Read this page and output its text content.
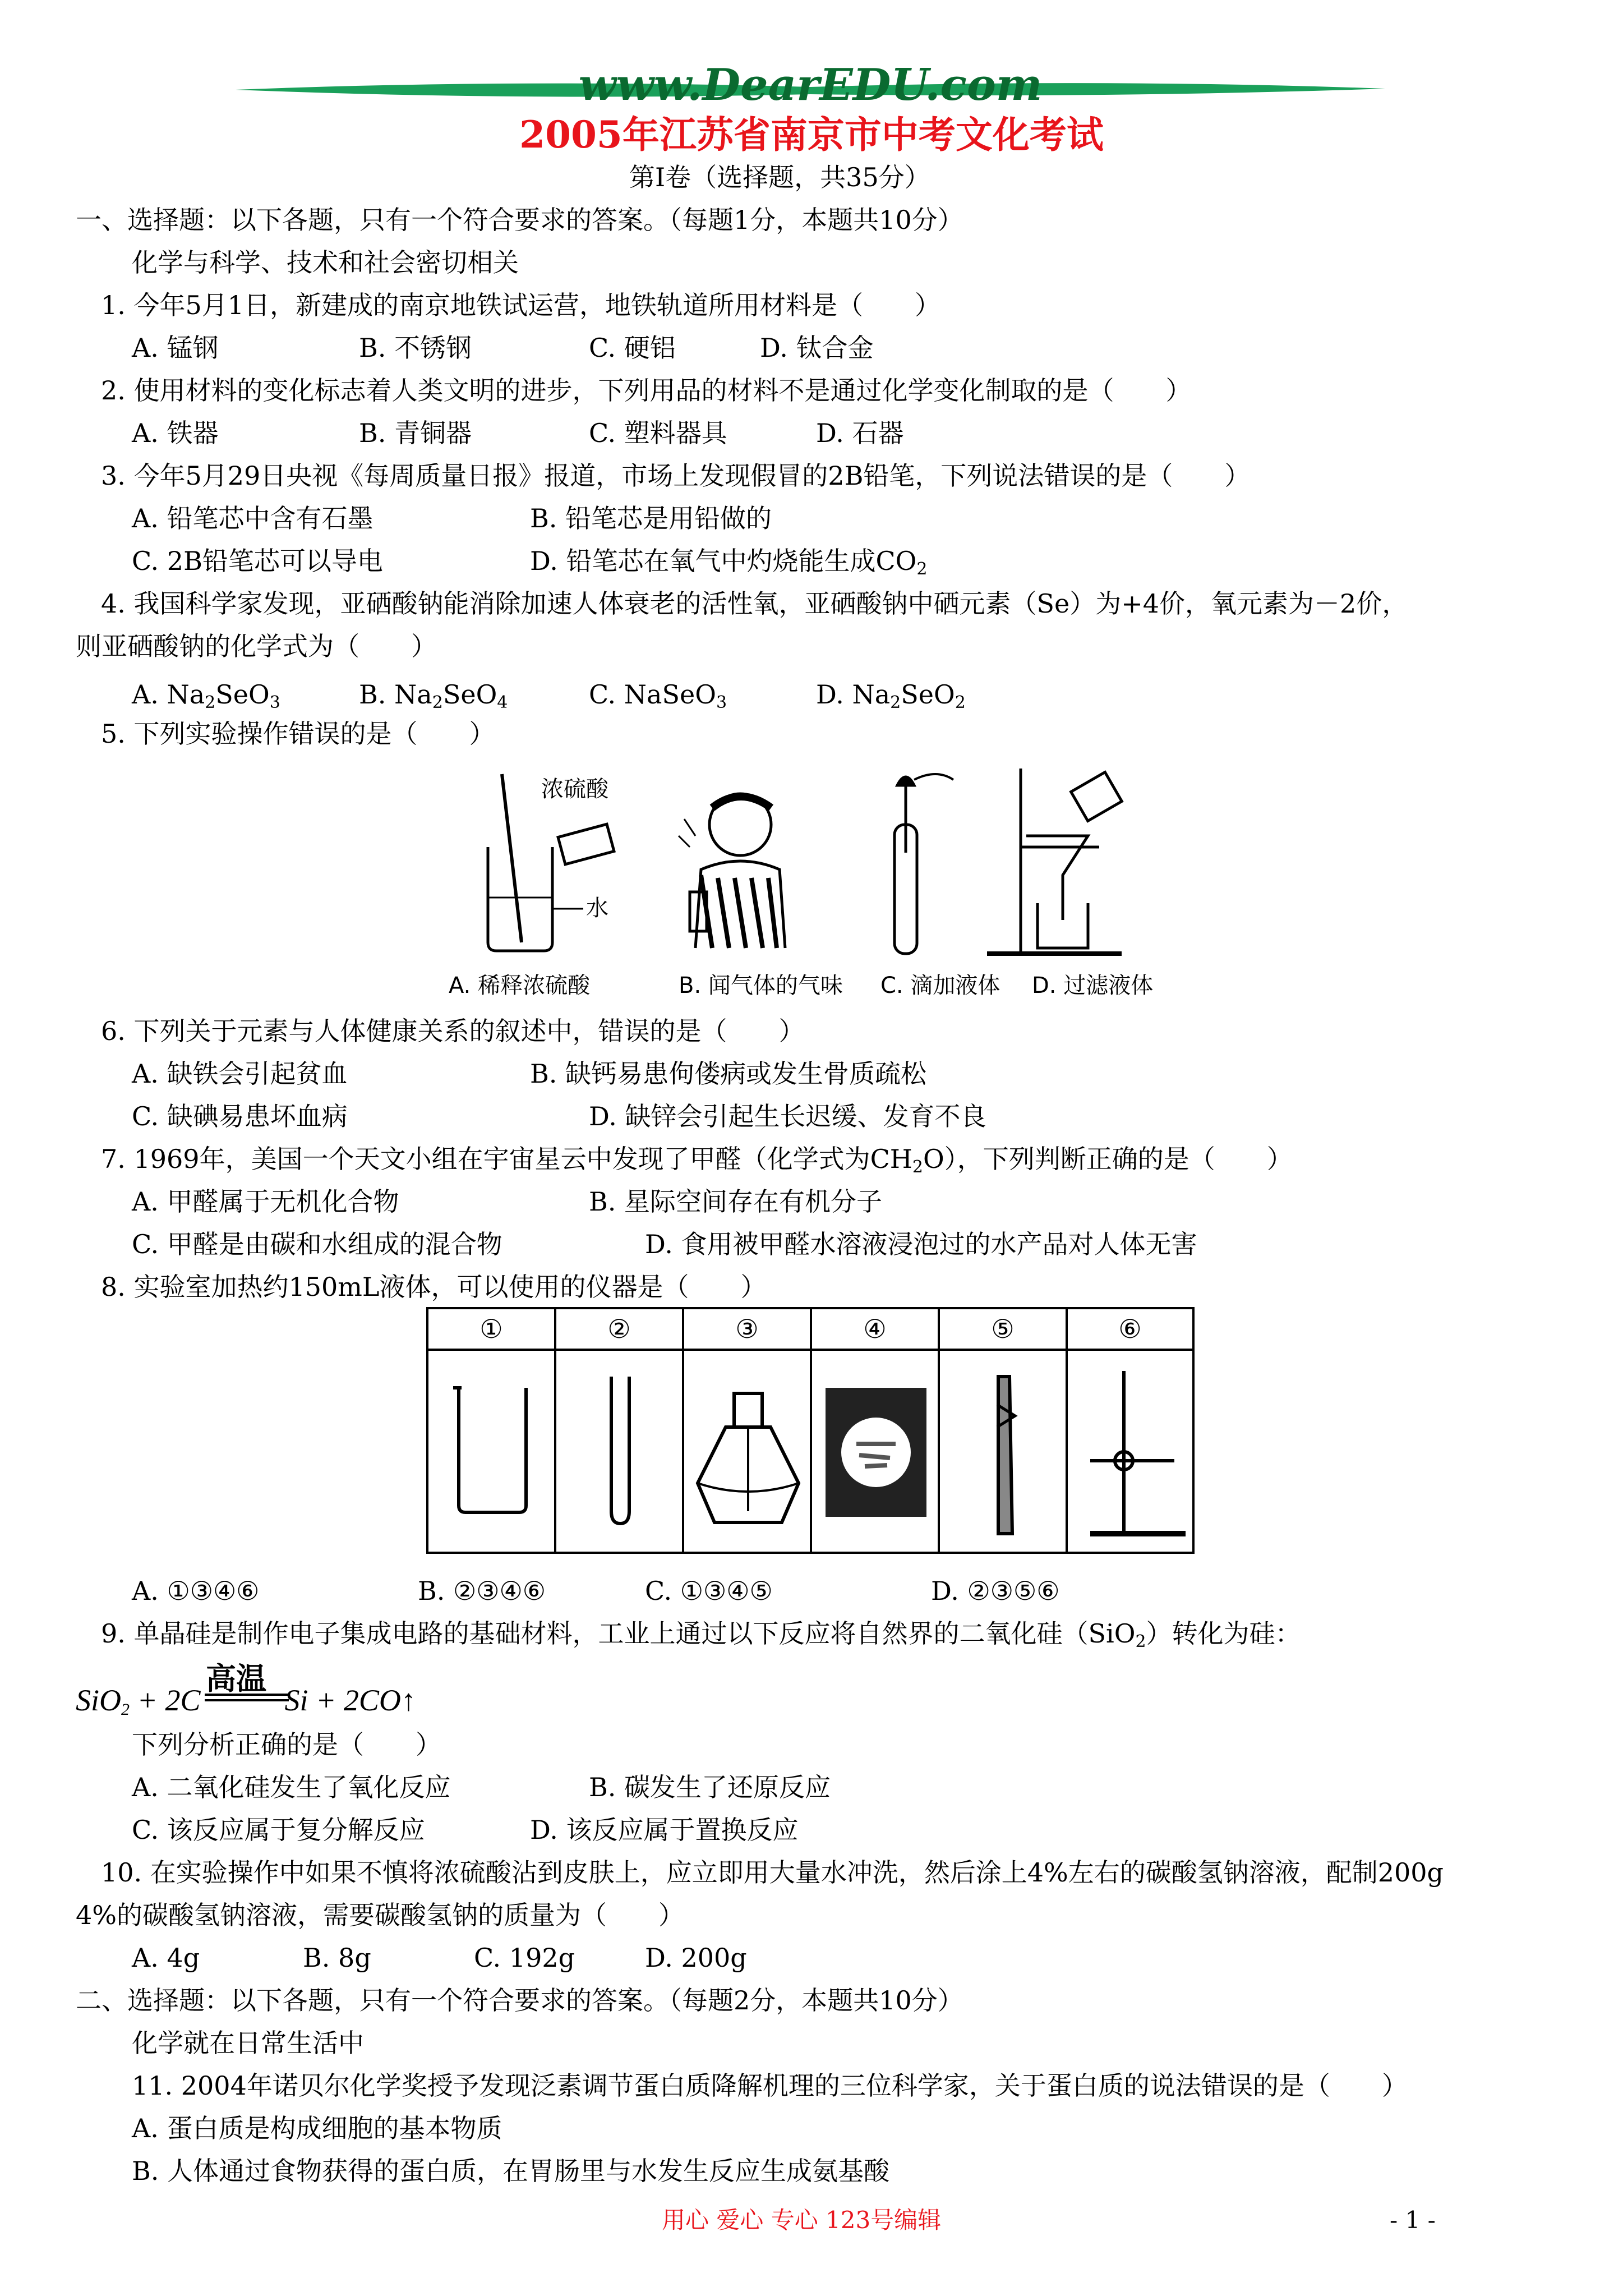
www.DearEDU.com
2005年江苏省南京市中考文化考试
第Ⅰ卷（选择题，共35分）
一、选择题：以下各题，只有一个符合要求的答案。（每题1分，本题共10分）
化学与科学、技术和社会密切相关
1. 今年5月1日，新建成的南京地铁试运营，地铁轨道所用材料是（　　）
A. 锰钢	B. 不锈钢	C. 硬铝	D. 钛合金
2. 使用材料的变化标志着人类文明的进步，下列用品的材料不是通过化学变化制取的是（　　）
A. 铁器	B. 青铜器	C. 塑料器具	D. 石器
3. 今年5月29日央视《每周质量日报》报道，市场上发现假冒的2B铅笔，下列说法错误的是（　　）
A. 铅笔芯中含有石墨	B. 铅笔芯是用铅做的
C. 2B铅笔芯可以导电	D. 铅笔芯在氧气中灼烧能生成$CO_2$
4. 我国科学家发现，亚硒酸钠能消除加速人体衰老的活性氧，亚硒酸钠中硒元素（Se）为+4价，氧元素为－2价，
则亚硒酸钠的化学式为（　　）
A. $Na_2SeO_3$	B. $Na_2SeO_4$	C. NaSeO$_3$	D. $Na_2SeO_2$
5. 下列实验操作错误的是（　　）
浓硫酸
水
A. 稀释浓硫酸	B. 闻气体的气味 C. 滴加液体 D. 过滤液体
6. 下列关于元素与人体健康关系的叙述中，错误的是（　　）
A. 缺铁会引起贫血	B. 缺钙易患佝偻病或发生骨质疏松
C. 缺碘易患坏血病	D. 缺锌会引起生长迟缓、发育不良
7. 1969年，美国一个天文小组在宇宙星云中发现了甲醛（化学式为$CH_2O$），下列判断正确的是（　　）
A. 甲醛属于无机化合物	B. 星际空间存在有机分子
C. 甲醛是由碳和水组成的混合物	D. 食用被甲醛水溶液浸泡过的水产品对人体无害
8. 实验室加热约150mL液体，可以使用的仪器是（　　）
①	②	③	④	⑤	⑥
A. ①③④⑥	B. ②③④⑥	C. ①③④⑤	D. ②③⑤⑥
9. 单晶硅是制作电子集成电路的基础材料，工业上通过以下反应将自然界的二氧化硅（SiO$_2$）转化为硅：
SiO$_2$ + 2C	Si + 2CO↑
高温
下列分析正确的是（　　）
A. 二氧化硅发生了氧化反应	B. 碳发生了还原反应
C. 该反应属于复分解反应	D. 该反应属于置换反应
10. 在实验操作中如果不慎将浓硫酸沾到皮肤上，应立即用大量水冲洗，然后涂上4%左右的碳酸氢钠溶液，配制200g
4%的碳酸氢钠溶液，需要碳酸氢钠的质量为（　　）
A. 4g	B. 8g	C. 192g	D. 200g
二、选择题：以下各题，只有一个符合要求的答案。（每题2分，本题共10分）
化学就在日常生活中
11. 2004年诺贝尔化学奖授予发现泛素调节蛋白质降解机理的三位科学家，关于蛋白质的说法错误的是（　　）
A. 蛋白质是构成细胞的基本物质
B. 人体通过食物获得的蛋白质，在胃肠里与水发生反应生成氨基酸
用心 爱心 专心 123号编辑	- 1 -
